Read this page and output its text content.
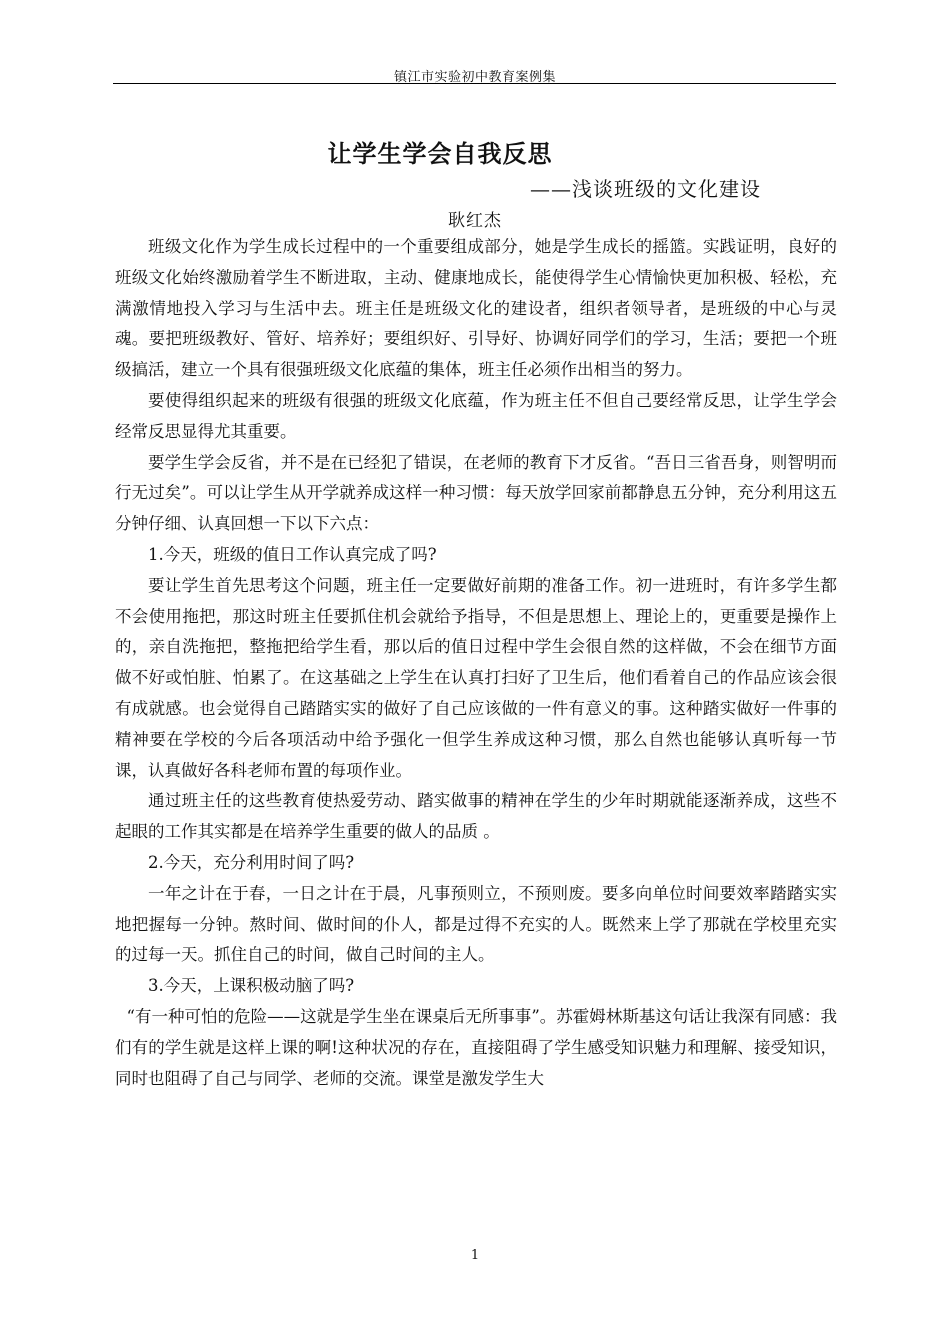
镇江市实验初中教育案例集
让学生学会自我反思
——浅谈班级的文化建设
耿红杰

班级文化作为学生成长过程中的一个重要组成部分，她是学生成长的摇篮。实践证明，良好的班级文化始终激励着学生不断进取，主动、健康地成长，能使得学生心情愉快更加积极、轻松，充满激情地投入学习与生活中去。班主任是班级文化的建设者，组织者领导者，是班级的中心与灵魂。要把班级教好、管好、培养好；要组织好、引导好、协调好同学们的学习，生活；要把一个班级搞活，建立一个具有很强班级文化底蕴的集体，班主任必须作出相当的努力。

要使得组织起来的班级有很强的班级文化底蕴，作为班主任不但自己要经常反思，让学生学会经常反思显得尤其重要。

要学生学会反省，并不是在已经犯了错误，在老师的教育下才反省。“吾日三省吾身，则智明而行无过矣”。可以让学生从开学就养成这样一种习惯：每天放学回家前都静息五分钟，充分利用这五分钟仔细、认真回想一下以下六点：

1.今天，班级的值日工作认真完成了吗?

要让学生首先思考这个问题，班主任一定要做好前期的准备工作。初一进班时，有许多学生都不会使用拖把，那这时班主任要抓住机会就给予指导，不但是思想上、理论上的，更重要是操作上的，亲自洗拖把，整拖把给学生看，那以后的值日过程中学生会很自然的这样做，不会在细节方面做不好或怕脏、怕累了。在这基础之上学生在认真打扫好了卫生后，他们看着自己的作品应该会很有成就感。也会觉得自己踏踏实实的做好了自己应该做的一件有意义的事。这种踏实做好一件事的精神要在学校的今后各项活动中给予强化一但学生养成这种习惯，那么自然也能够认真听每一节课，认真做好各科老师布置的每项作业。

通过班主任的这些教育使热爱劳动、踏实做事的精神在学生的少年时期就能逐渐养成，这些不起眼的工作其实都是在培养学生重要的做人的品质 。

2.今天，充分利用时间了吗?

一年之计在于春，一日之计在于晨，凡事预则立，不预则废。要多向单位时间要效率踏踏实实地把握每一分钟。熬时间、做时间的仆人，都是过得不充实的人。既然来上学了那就在学校里充实的过每一天。抓住自己的时间，做自己时间的主人。

3.今天，上课积极动脑了吗?

“有一种可怕的危险——这就是学生坐在课桌后无所事事”。苏霍姆林斯基这句话让我深有同感：我们有的学生就是这样上课的啊!这种状况的存在，直接阻碍了学生感受知识魅力和理解、接受知识，同时也阻碍了自己与同学、老师的交流。课堂是激发学生大

1
